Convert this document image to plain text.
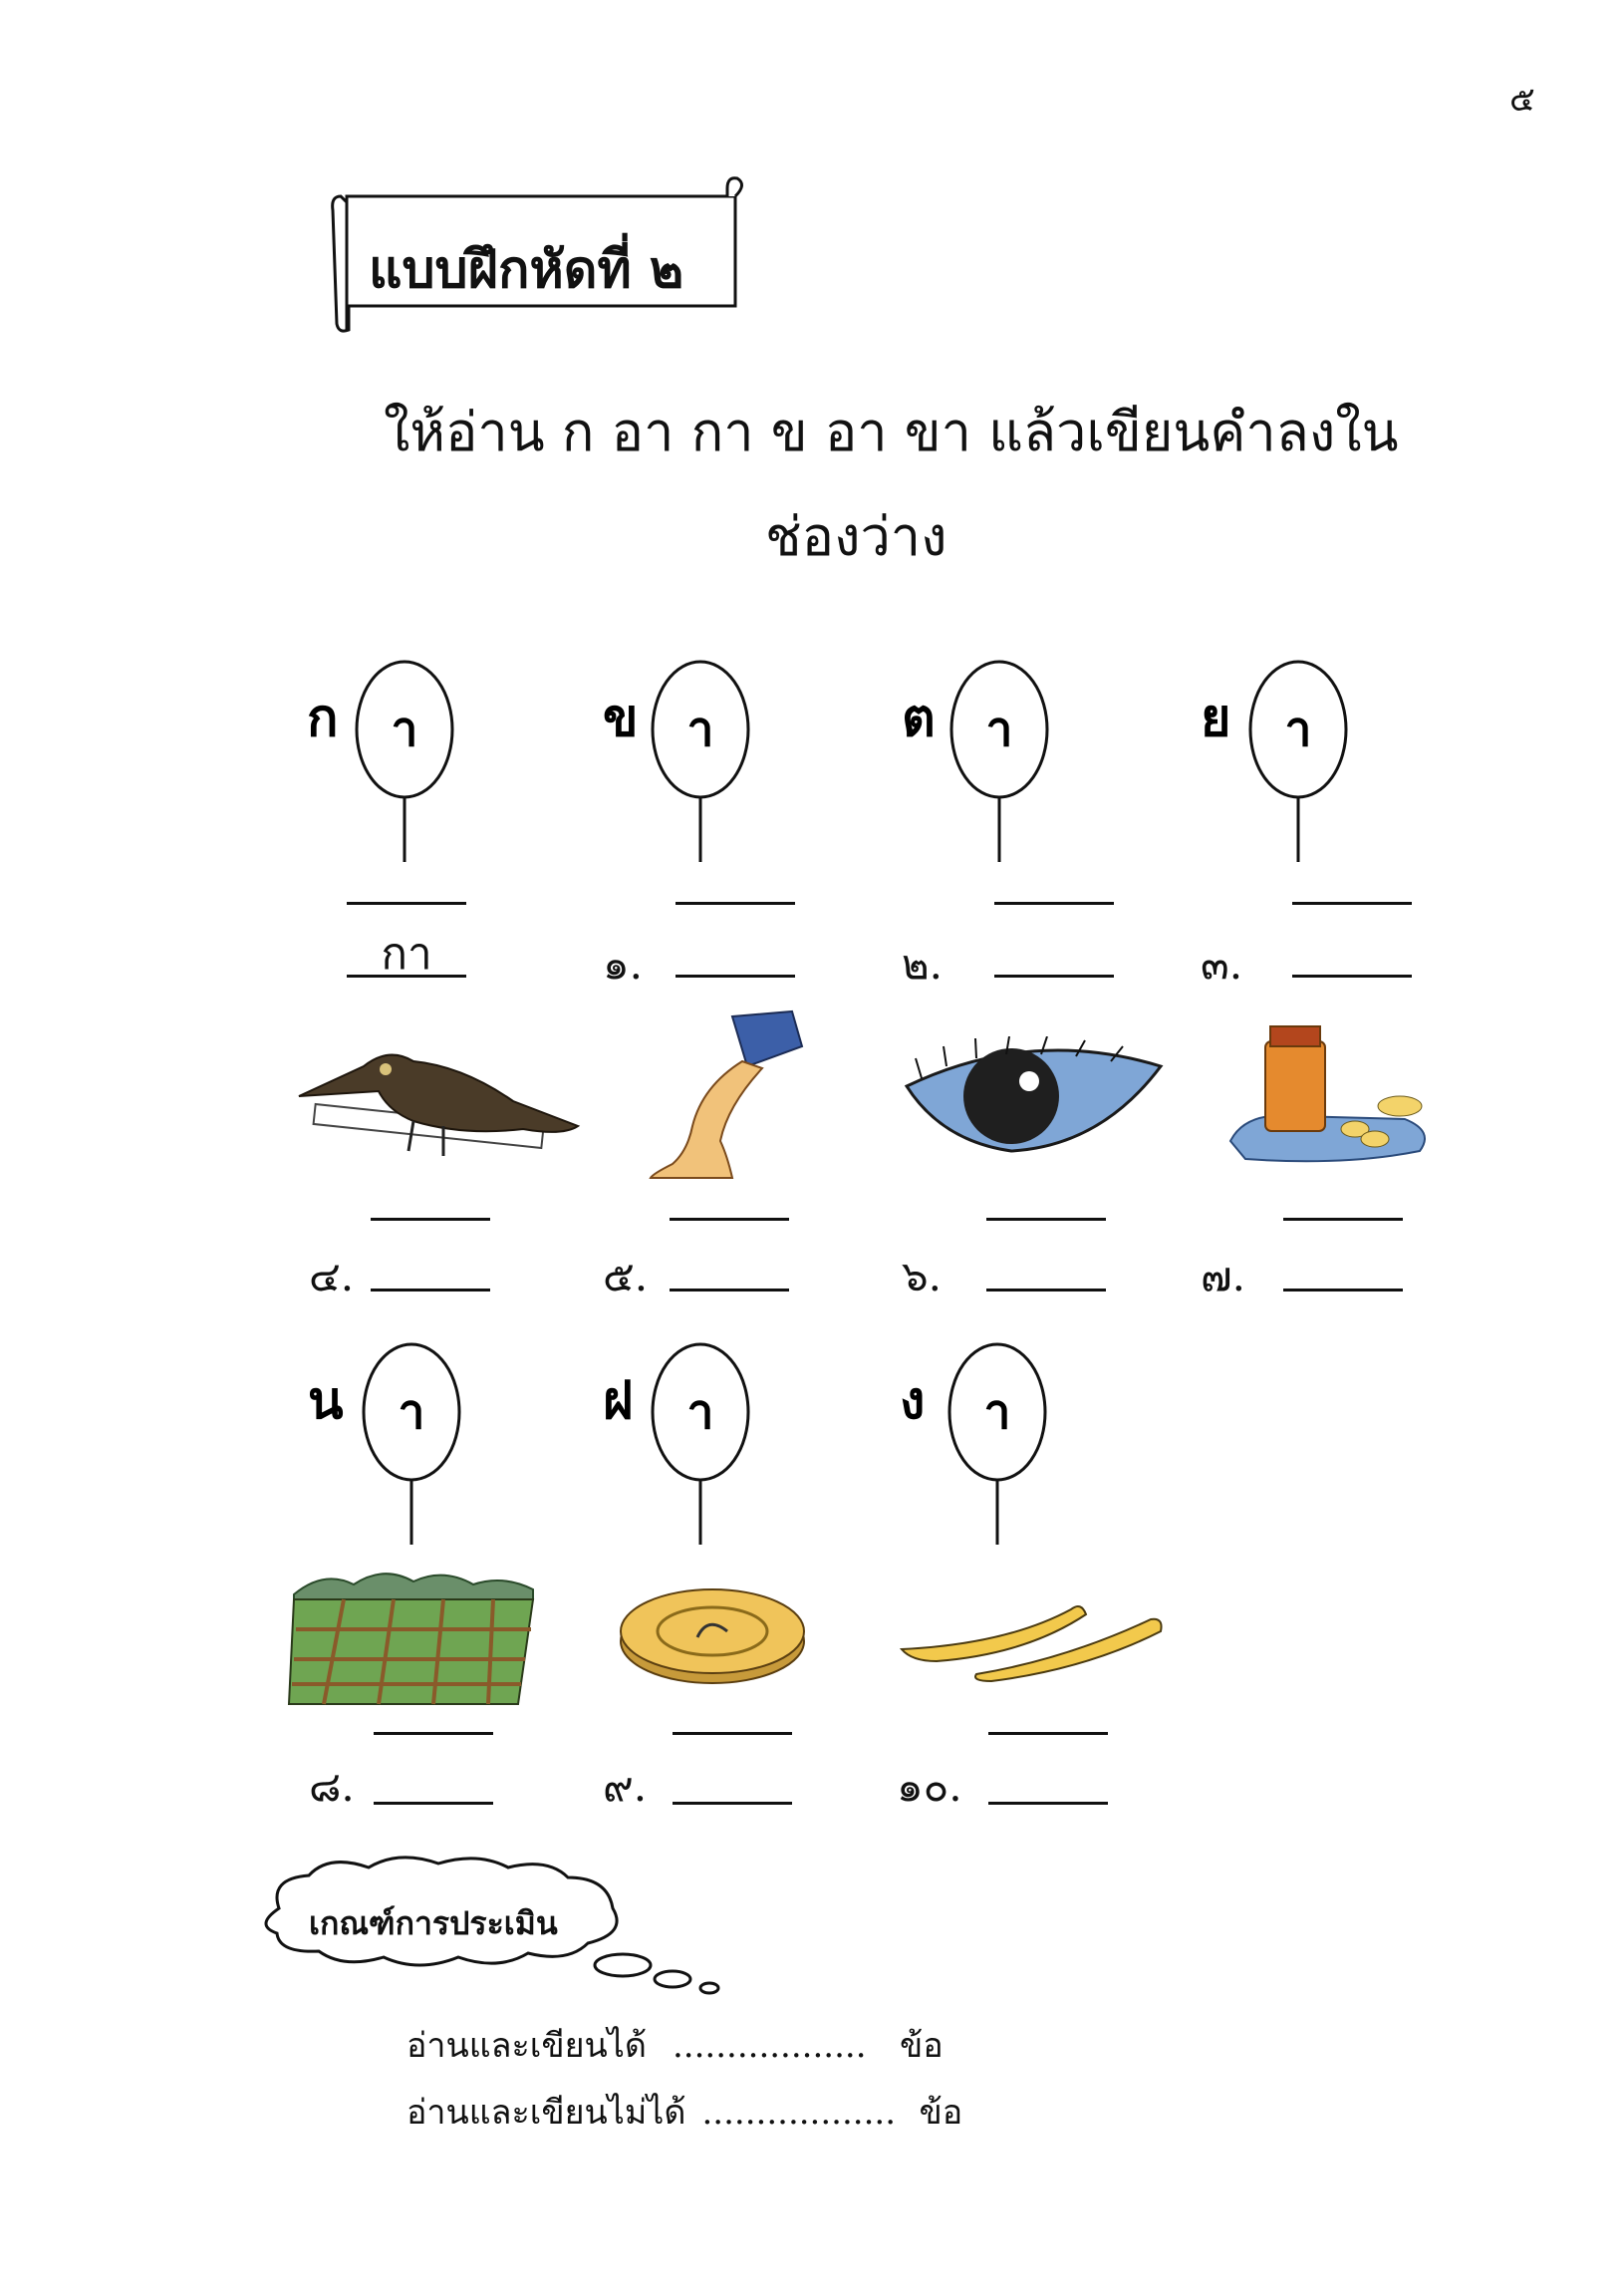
๕
แบบฝึกหัดที่ ๒
ให้อ่าน ก อา กา ข อา ขา แล้วเขียนคำลงใน
ช่องว่าง
ก า	ข า	ต า	ย า
กา	๑.	๒.	๓.
๔.	๕.	๖.	๗.
น า	ฝ า	ง า
๘.	๙.	๑๐.
เกณฑ์การประเมิน
อ่านและเขียนได้ .................. ข้อ
อ่านและเขียนไม่ได้ .................. ข้อ
